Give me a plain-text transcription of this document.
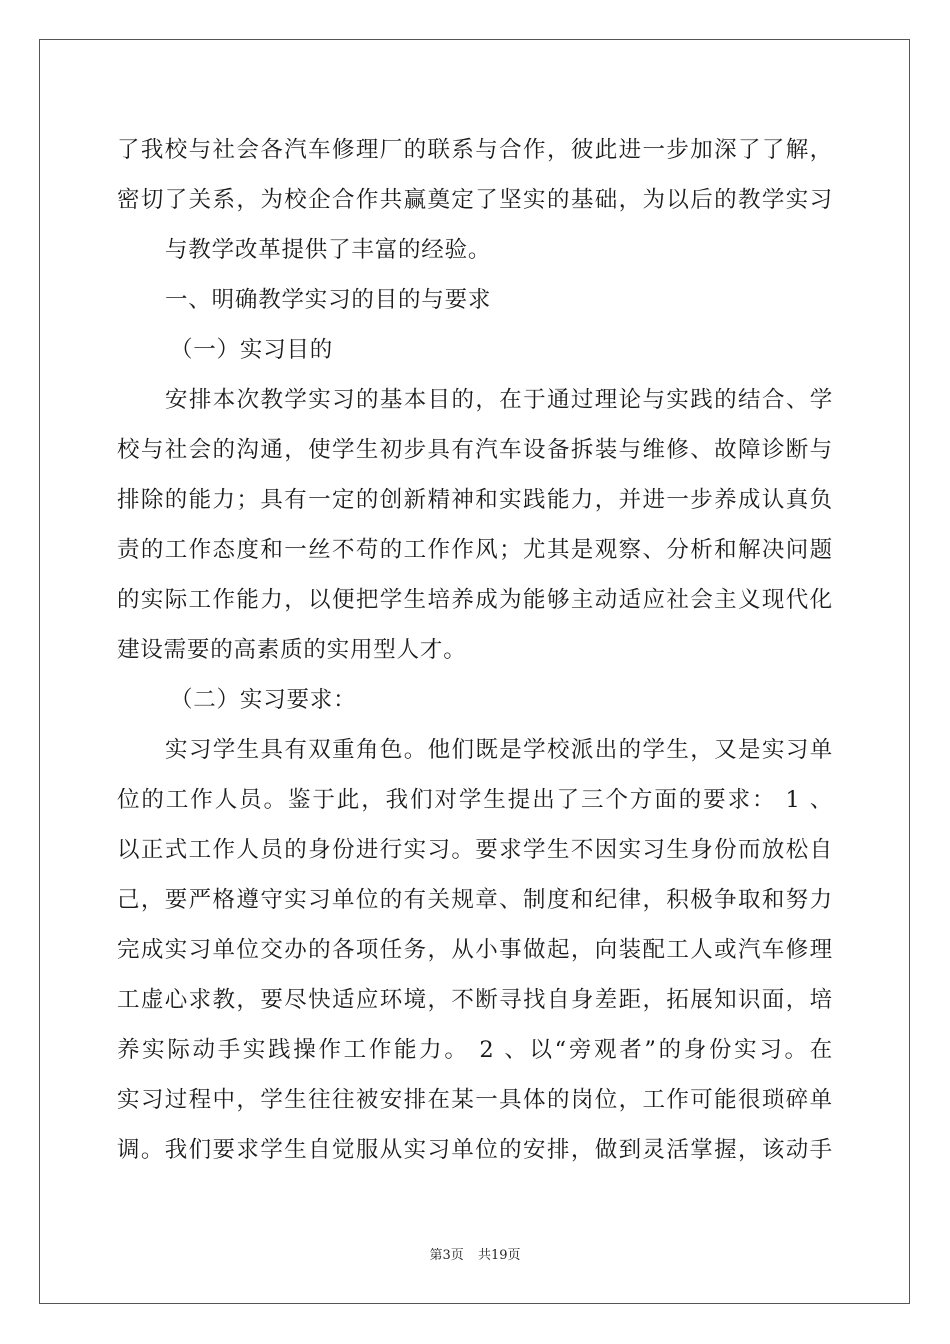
了我校与社会各汽车修理厂的联系与合作，彼此进一步加深了了解，
密切了关系，为校企合作共赢奠定了坚实的基础，为以后的教学实习
与教学改革提供了丰富的经验。
一、明确教学实习的目的与要求
（一）实习目的
安排本次教学实习的基本目的，在于通过理论与实践的结合、学
校与社会的沟通，使学生初步具有汽车设备拆装与维修、故障诊断与
排除的能力；具有一定的创新精神和实践能力，并进一步养成认真负
责的工作态度和一丝不苟的工作作风；尤其是观察、分析和解决问题
的实际工作能力，以便把学生培养成为能够主动适应社会主义现代化
建设需要的高素质的实用型人才。
（二）实习要求：
实习学生具有双重角色。他们既是学校派出的学生，又是实习单
位的工作人员。鉴于此，我们对学生提出了三个方面的要求： 1 、
以正式工作人员的身份进行实习。要求学生不因实习生身份而放松自
己，要严格遵守实习单位的有关规章、制度和纪律，积极争取和努力
完成实习单位交办的各项任务，从小事做起，向装配工人或汽车修理
工虚心求教，要尽快适应环境，不断寻找自身差距，拓展知识面，培
养实际动手实践操作工作能力。 2 、以“旁观者”的身份实习。在
实习过程中，学生往往被安排在某一具体的岗位，工作可能很琐碎单
调。我们要求学生自觉服从实习单位的安排，做到灵活掌握，该动手
第3页 共19页
